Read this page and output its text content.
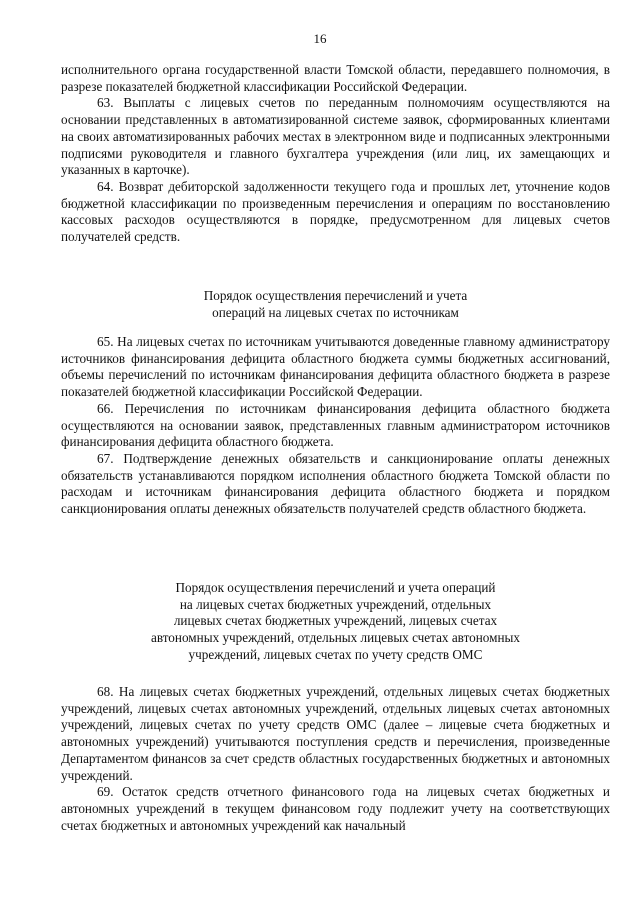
16

исполнительного органа государственной власти Томской области, передавшего полномочия, в разрезе показателей бюджетной классификации Российской Федерации.

63. Выплаты с лицевых счетов по переданным полномочиям осуществляются на основании представленных в автоматизированной системе заявок, сформированных клиентами на своих автоматизированных рабочих местах в электронном виде и подписанных электронными подписями руководителя и главного бухгалтера учреждения (или лиц, их замещающих и указанных в карточке).

64. Возврат дебиторской задолженности текущего года и прошлых лет, уточнение кодов бюджетной классификации по произведенным перечисления и операциям по восстановлению кассовых расходов осуществляются в порядке, предусмотренном для лицевых счетов получателей средств.

Порядок осуществления перечислений и учета
операций на лицевых счетах по источникам

65. На лицевых счетах по источникам учитываются доведенные главному администратору источников финансирования дефицита областного бюджета суммы бюджетных ассигнований, объемы перечислений по источникам финансирования дефицита областного бюджета в разрезе показателей бюджетной классификации Российской Федерации.

66. Перечисления по источникам финансирования дефицита областного бюджета осуществляются на основании заявок, представленных главным администратором источников финансирования дефицита областного бюджета.

67. Подтверждение денежных обязательств и санкционирование оплаты денежных обязательств устанавливаются порядком исполнения областного бюджета Томской области по расходам и источникам финансирования дефицита областного бюджета и порядком санкционирования оплаты денежных обязательств получателей средств областного бюджета.

Порядок осуществления перечислений и учета операций
на лицевых счетах бюджетных учреждений, отдельных
лицевых счетах бюджетных учреждений, лицевых счетах
автономных учреждений, отдельных лицевых счетах автономных
учреждений, лицевых счетах по учету средств ОМС

68. На лицевых счетах бюджетных учреждений, отдельных лицевых счетах бюджетных учреждений, лицевых счетах автономных учреждений, отдельных лицевых счетах автономных учреждений, лицевых счетах по учету средств ОМС (далее – лицевые счета бюджетных и автономных учреждений) учитываются поступления средств и перечисления, произведенные Департаментом финансов за счет средств областных государственных бюджетных и автономных учреждений.

69. Остаток средств отчетного финансового года на лицевых счетах бюджетных и автономных учреждений в текущем финансовом году подлежит учету на соответствующих счетах бюджетных и автономных учреждений как начальный
